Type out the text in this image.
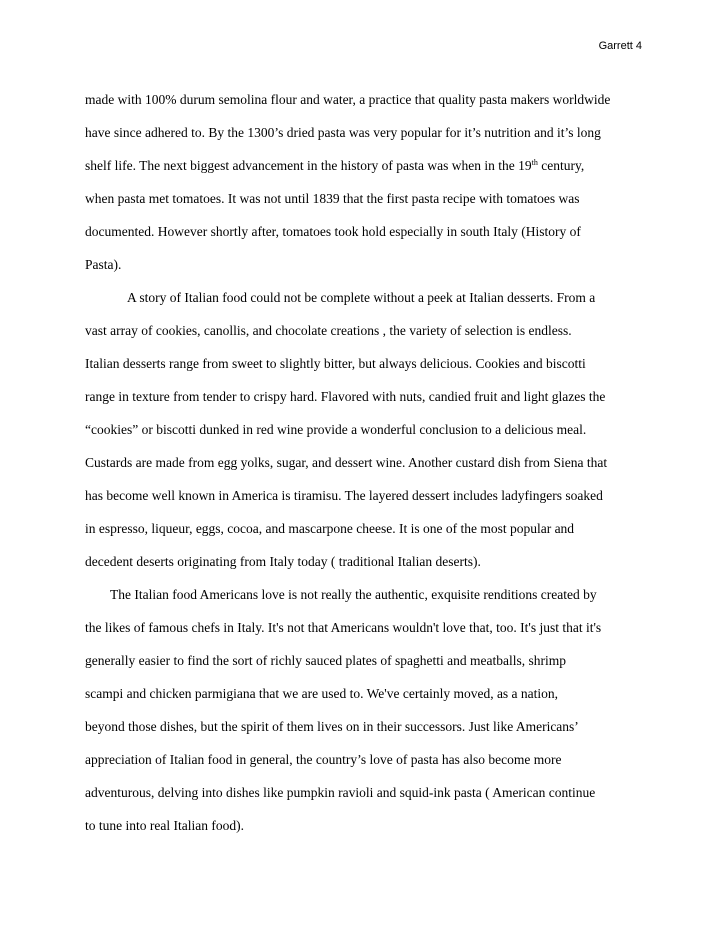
Garrett 4
made with 100% durum semolina flour and water, a practice that quality pasta makers worldwide
have since adhered to. By the 1300’s dried pasta was very popular for it’s nutrition and it’s long
shelf life. The next biggest advancement in the history of pasta was when in the 19th century,
when pasta met tomatoes. It was not until 1839 that the first pasta recipe with tomatoes was
documented. However shortly after, tomatoes took hold especially in south Italy (History of
Pasta).
A story of Italian food could not be complete without a peek at Italian desserts. From a
vast array of cookies, canollis, and chocolate creations , the variety of selection is endless.
Italian desserts range from sweet to slightly bitter, but always delicious. Cookies and biscotti
range in texture from tender to crispy hard. Flavored with nuts, candied fruit and light glazes the
“cookies” or biscotti dunked in red wine provide a wonderful conclusion to a delicious meal.
Custards are made from egg yolks, sugar, and dessert wine. Another custard dish from Siena that
has become well known in America is tiramisu. The layered dessert includes ladyfingers soaked
in espresso, liqueur, eggs, cocoa, and mascarpone cheese. It is one of the most popular and
decedent deserts originating from Italy today ( traditional Italian deserts).
The Italian food Americans love is not really the authentic, exquisite renditions created by
the likes of famous chefs in Italy. It's not that Americans wouldn't love that, too. It's just that it's
generally easier to find the sort of richly sauced plates of spaghetti and meatballs, shrimp
scampi and chicken parmigiana that we are used to. We've certainly moved, as a nation,
beyond those dishes, but the spirit of them lives on in their successors. Just like Americans’
appreciation of Italian food in general, the country’s love of pasta has also become more
adventurous, delving into dishes like pumpkin ravioli and squid-ink pasta ( American continue
to tune into real Italian food).
